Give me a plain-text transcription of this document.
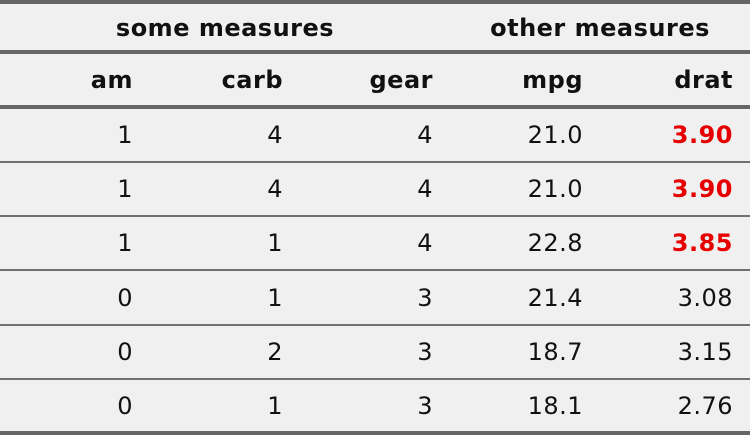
some measures	other measures
am	carb	gear	mpg	drat
1	4	4	21.0	3.90
1	4	4	21.0	3.90
1	1	4	22.8	3.85
0	1	3	21.4	3.08
0	2	3	18.7	3.15
0	1	3	18.1	2.76
